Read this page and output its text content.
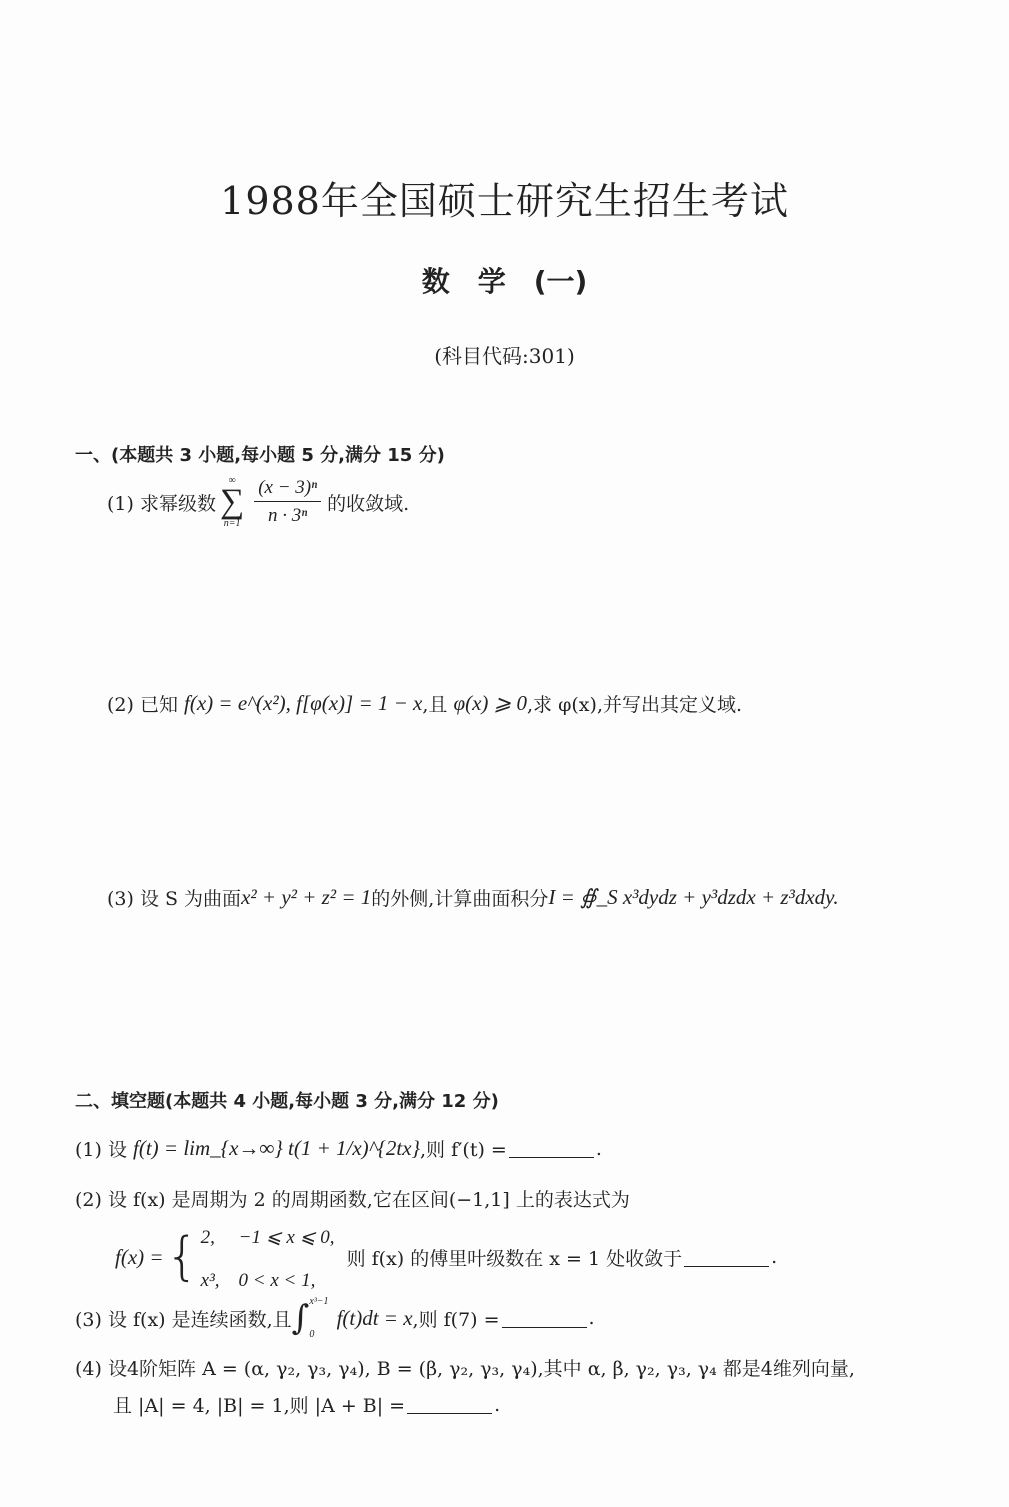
1988年全国硕士研究生招生考试
数　学　(一)
(科目代码:301)
一、(本题共 3 小题,每小题 5 分,满分 15 分)
(1) 求幂级数
∞
∑
$n=1 \frac{\text{(x − 3)ⁿ}}{\text{n · 3ⁿ}}$ 的收敛域.
(2) 已知
f(x) = e^(x²), f[φ(x)] = 1 − x ,且
φ(x) ⩾ 0 ,求 φ(x),并写出其定义域.
(3) 设 S 为曲面 x² + y² + z² = 1 的外侧,计算曲面积分 I = ∯_S x³dydz + y³dzdx + z³dxdy.
二、填空题(本题共 4 小题,每小题 3 分,满分 12 分)
(1) 设
f(t) = lim_{x→∞} t(1 + 1/x)^{2tx} ,则 f′(t) =	.
(2) 设 f(x) 是周期为 2 的周期函数,它在区间(−1,1] 上的表达式为
f(x) = { 2,　 −1 ⩽ x ⩽ 0,
x³,　0 < x < 1,

则 f(x) 的傅里叶级数在 x = 1 处收敛于	.
(3) 设 f(x) 是连续函数,且 ∫ x³−1
0
f(t)dt = x ,则 f(7) =	.
(4) 设4阶矩阵 A = (α, γ₂, γ₃, γ₄), B = (β, γ₂, γ₃, γ₄),其中 α, β, γ₂, γ₃, γ₄ 都是4维列向量,
且 |A| = 4, |B| = 1,则 |A + B| =	.
